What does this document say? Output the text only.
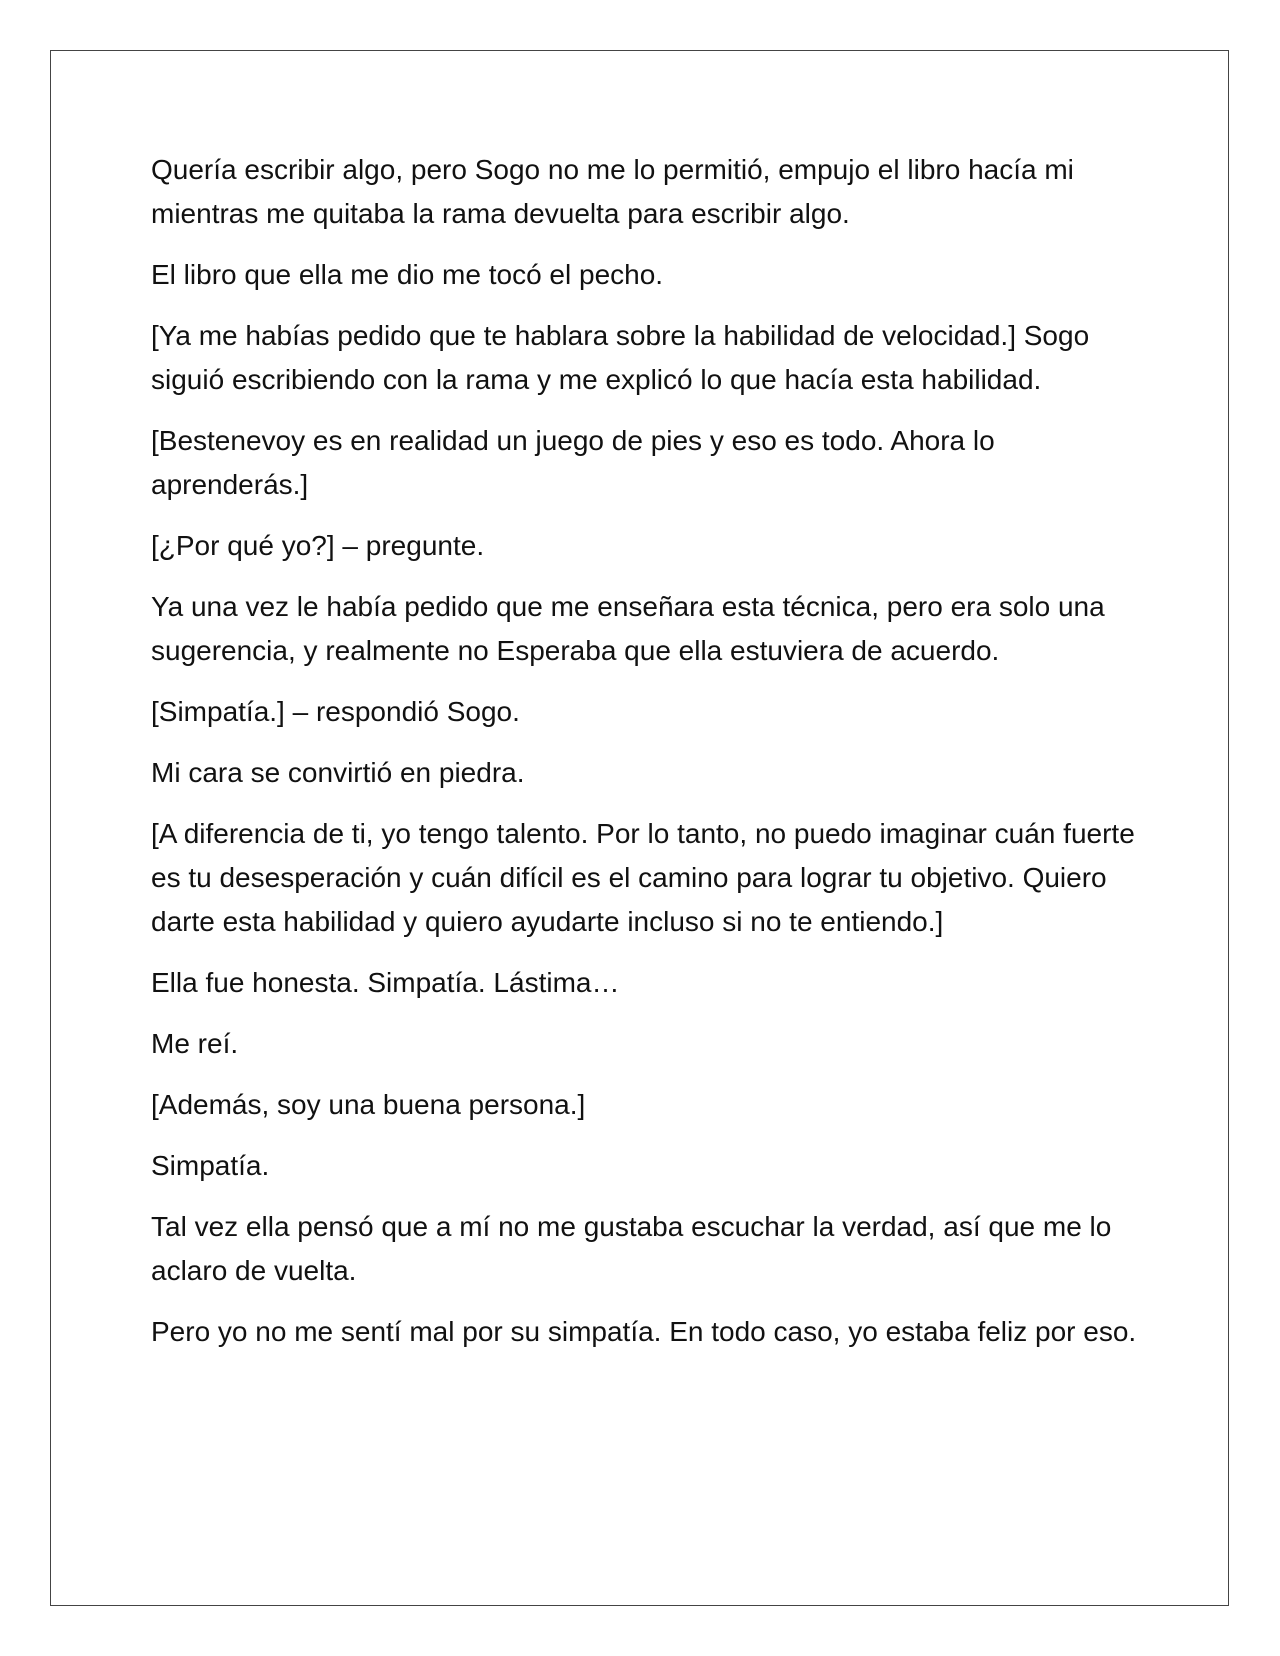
Quería escribir algo, pero Sogo no me lo permitió, empujo el libro hacía mi mientras me quitaba la rama devuelta para escribir algo.

El libro que ella me dio me tocó el pecho.

[Ya me habías pedido que te hablara sobre la habilidad de velocidad.] Sogo siguió escribiendo con la rama y me explicó lo que hacía esta habilidad.

[Bestenevoy es en realidad un juego de pies y eso es todo. Ahora lo aprenderás.]

[¿Por qué yo?] – pregunte.

Ya una vez le había pedido que me enseñara esta técnica, pero era solo una sugerencia, y realmente no Esperaba que ella estuviera de acuerdo.

[Simpatía.] – respondió Sogo.

Mi cara se convirtió en piedra.

[A diferencia de ti, yo tengo talento. Por lo tanto, no puedo imaginar cuán fuerte es tu desesperación y cuán difícil es el camino para lograr tu objetivo. Quiero darte esta habilidad y quiero ayudarte incluso si no te entiendo.]

Ella fue honesta. Simpatía. Lástima…

Me reí.

[Además, soy una buena persona.]

Simpatía.

Tal vez ella pensó que a mí no me gustaba escuchar la verdad, así que me lo aclaro de vuelta.

Pero yo no me sentí mal por su simpatía. En todo caso, yo estaba feliz por eso.
